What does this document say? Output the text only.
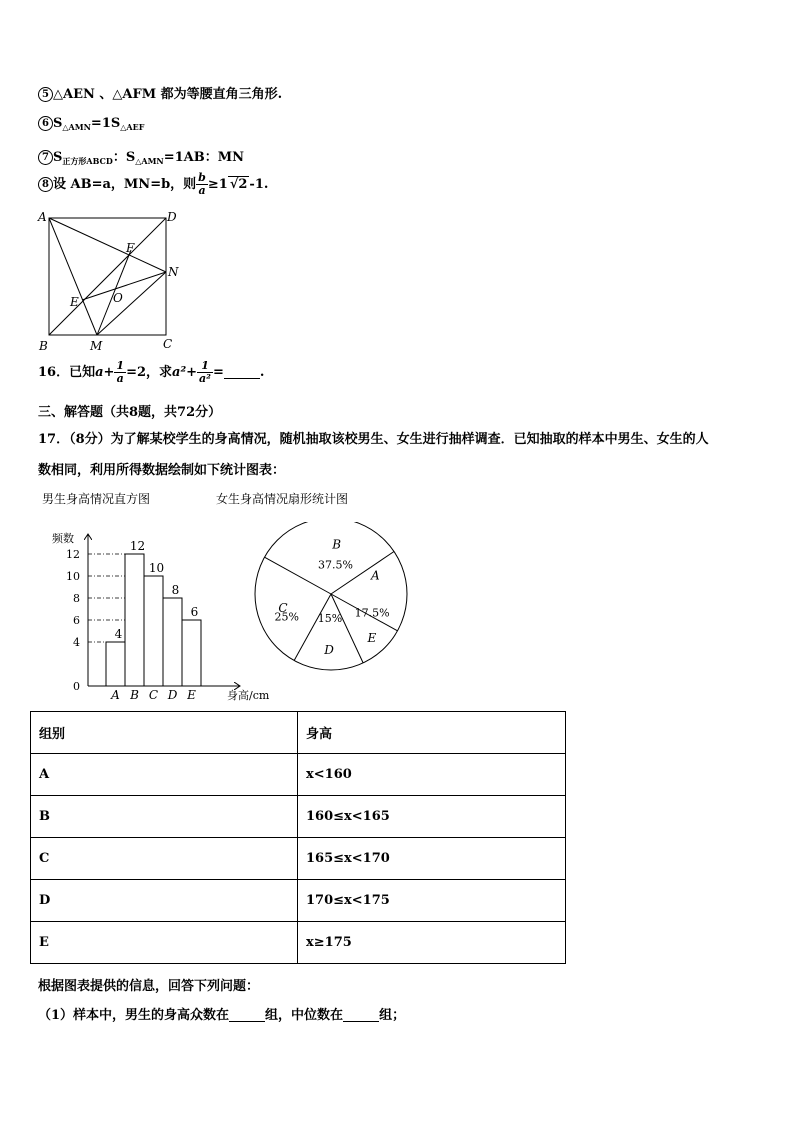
5 △AEN 、△AFM 都为等腰直角三角形.
6 $S_{\triangle AMN}=1S_{\triangle AEF}$
7 $S_{正方形ABCD}$：$S_{\triangle AMN}=1AB$：MN
8 设 AB=a，MN=b，则 $\frac{b}{a} \ge 1$ √2 -1.
A	D
F
N
E	O
B	M	C
16．已知$a+ \frac{1}{a} =2$，求$a^2+ \frac{1}{\text{a²}}$ =	.
三、解答题（共8题，共72分）
17．（8分）为了解某校学生的身高情况，随机抽取该校男生、女生进行抽样调查．已知抽取的样本中男生、女生的人
数相同，利用所得数据绘制如下统计图表：
男生身高情况直方图	女生身高情况扇形统计图
频数
身高/cm
0
4
6
8
10
12
4
A
12
B
10
C
8
D
6
E
A
17.5%
E
D
15%
C
25%
B
37.5%
组别	身高
A	x<160
B	160≤x<165
C	165≤x<170
D	170≤x<175
E	x≥175
根据图表提供的信息，回答下列问题：
（1）样本中，男生的身高众数在	组，中位数在	组；
